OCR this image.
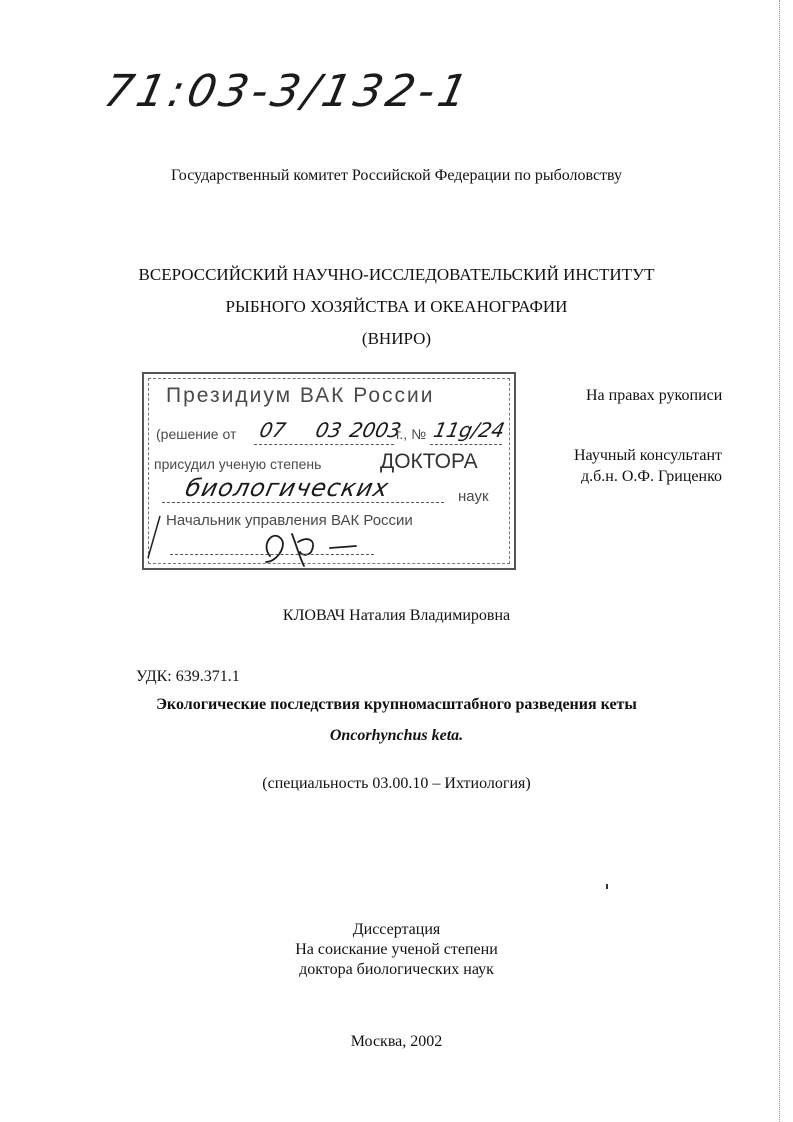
71:03-3/132-1
Государственный комитет Российской Федерации по рыболовству
ВСЕРОССИЙСКИЙ НАУЧНО-ИССЛЕДОВАТЕЛЬСКИЙ ИНСТИТУТ
РЫБНОГО ХОЗЯЙСТВА И ОКЕАНОГРАФИИ
(ВНИРО)
Президиум ВАК России
(решение от 07 03 2003
г., № 11g/24
присудил ученую степень	ДОКТОРА
биологических	наук
Начальник управления ВАК России
На правах рукописи
Научный консультант
д.б.н. О.Ф. Гриценко
КЛОВАЧ Наталия Владимировна
УДК: 639.371.1
Экологические последствия крупномасштабного разведения кеты
Oncorhynchus keta.
(специальность 03.00.10 – Ихтиология)
Диссертация
На соискание ученой степени
доктора биологических наук
Москва, 2002
